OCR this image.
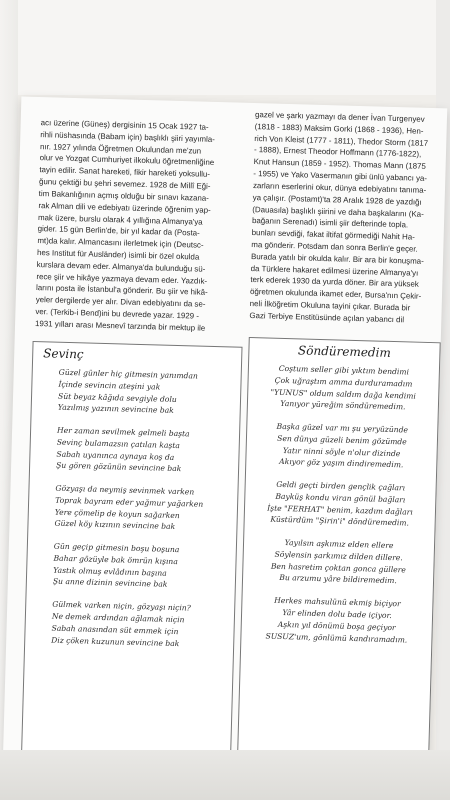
acı üzerine (Güneş) dergisinin 15 Ocak 1927 ta-

rihli nüshasında (Babam için) başlıklı şiiri yayımla-

nır. 1927 yılında Öğretmen Okulundan me'zun

olur ve Yozgat Cumhuriyet ilkokulu öğretmenliğine

tayin edilir. Sanat hareketi, fikir hareketi yoksullu-

ğunu çektiği bu şehri sevemez. 1928 de Millî Eği-

tim Bakanlığının açmış olduğu bir sınavı kazana-

rak Alman dili ve edebiyatı üzerinde öğrenim yap-

mak üzere, burslu olarak 4 yıllığına Almanya'ya

gider. 15 gün Berlin'de, bir yıl kadar da (Posta-

mt)da kalır. Almancasını ilerletmek için (Deutsc-

hes Institut für Ausländer) isimli bir özel okulda

kurslara devam eder. Almanya'da bulunduğu sü-

rece şiir ve hikâye yazmaya devam eder. Yazdık-

larını posta ile İstanbul'a gönderir. Bu şiir ve hikâ-

yeler dergilerde yer alır. Divan edebiyatını da se-

ver. (Terkib-i Bend)ini bu devrede yazar. 1929 -

1931 yılları arası Mesnevî tarzında bir mektup ile

gazel ve şarkı yazmayı da dener İvan Turgenyev

(1818 - 1883) Maksim Gorki (1868 - 1936), Hen-

rich Von Kleist (1777 - 1811), Thedor Storm (1817

- 1888), Ernest Theodor Hoffmann (1776-1822),

Knut Hansun (1859 - 1952). Thomas Mann (1875

- 1955) ve Yako Vasermanın gibi ünlü yabancı ya-

zarların eserlerini okur, dünya edebiyatını tanıma-

ya çalışır. (Postamt)'ta 28 Aralık 1928 de yazdığı

(Dauasıla) başlıklı şiirini ve daha başkalarını (Ka-

bağanın Serenadı) isimli şiir defterinde topla.

bunları sevdiği, fakat iltifat görmediği Nahit Ha-

ma gönderir. Potsdam dan sonra Berlin'e geçer.

Burada yatılı bir okulda kalır. Bir ara bir konuşma-

da Türklere hakaret edilmesi üzerine Almanya'yı

terk ederek 1930 da yurda döner. Bir ara yüksek

öğretmen okulunda ikamet eder, Bursa'nın Çekir-

neli İlköğretim Okuluna tayini çıkar. Burada bir

Gazi Terbiye Enstitüsünde açılan yabancı dil

Sevinç
Güzel günler hiç gitmesin yanımdan
İçinde sevincin ateşini yak
Süt beyaz kâğıda sevgiyle dolu
Yazılmış yazının sevincine bak
Her zaman sevilmek gelmeli başta
Sevinç bulamazsın çatılan kaşta
Sabah uyanınca aynaya koş da
Şu gören gözünün sevincine bak
Gözyaşı da neymiş sevinmek varken
Toprak bayram eder yağmur yağarken
Yere çömelip de koyun sağarken
Güzel köy kızının sevincine bak
Gün geçip gitmesin boşu boşuna
Bahar gözüyle bak ömrün kışına
Yastık olmuş evlâdının başına
Şu anne dizinin sevincine bak
Gülmek varken niçin, gözyaşı niçin?
Ne demek ardından ağlamak niçin
Sabah anasından süt emmek için
Diz çöken kuzunun sevincine bak
Söndüremedim
Coştum seller gibi yıktım bendimi
Çok uğraştım amma durduramadım
"YUNUS" oldum saldım dağa kendimi
Yanıyor yüreğim söndüremedim.
Başka güzel var mı şu yeryüzünde
Sen dünya güzeli benim gözümde
Yatır ninni söyle n'olur dizinde
Akıyor göz yaşım dindiremedim.
Geldi geçti birden gençlik çağları
Bayküş kondu viran gönül bağları
İşte "FERHAT" benim, kazdım dağları
Küstürdüm "Şirin'i" döndüremedim.
Yayılsın aşkımız elden ellere
Söylensin şarkımız dilden dillere.
Ben hasretim çoktan gonca güllere
Bu arzumu yâre bildiremedim.
Herkes mahsulünü ekmiş biçiyor
Yâr elinden dolu bade içiyor.
Aşkın yıl dönümü boşa geçiyor
SUSUZ'um, gönlümü kandıramadım.
